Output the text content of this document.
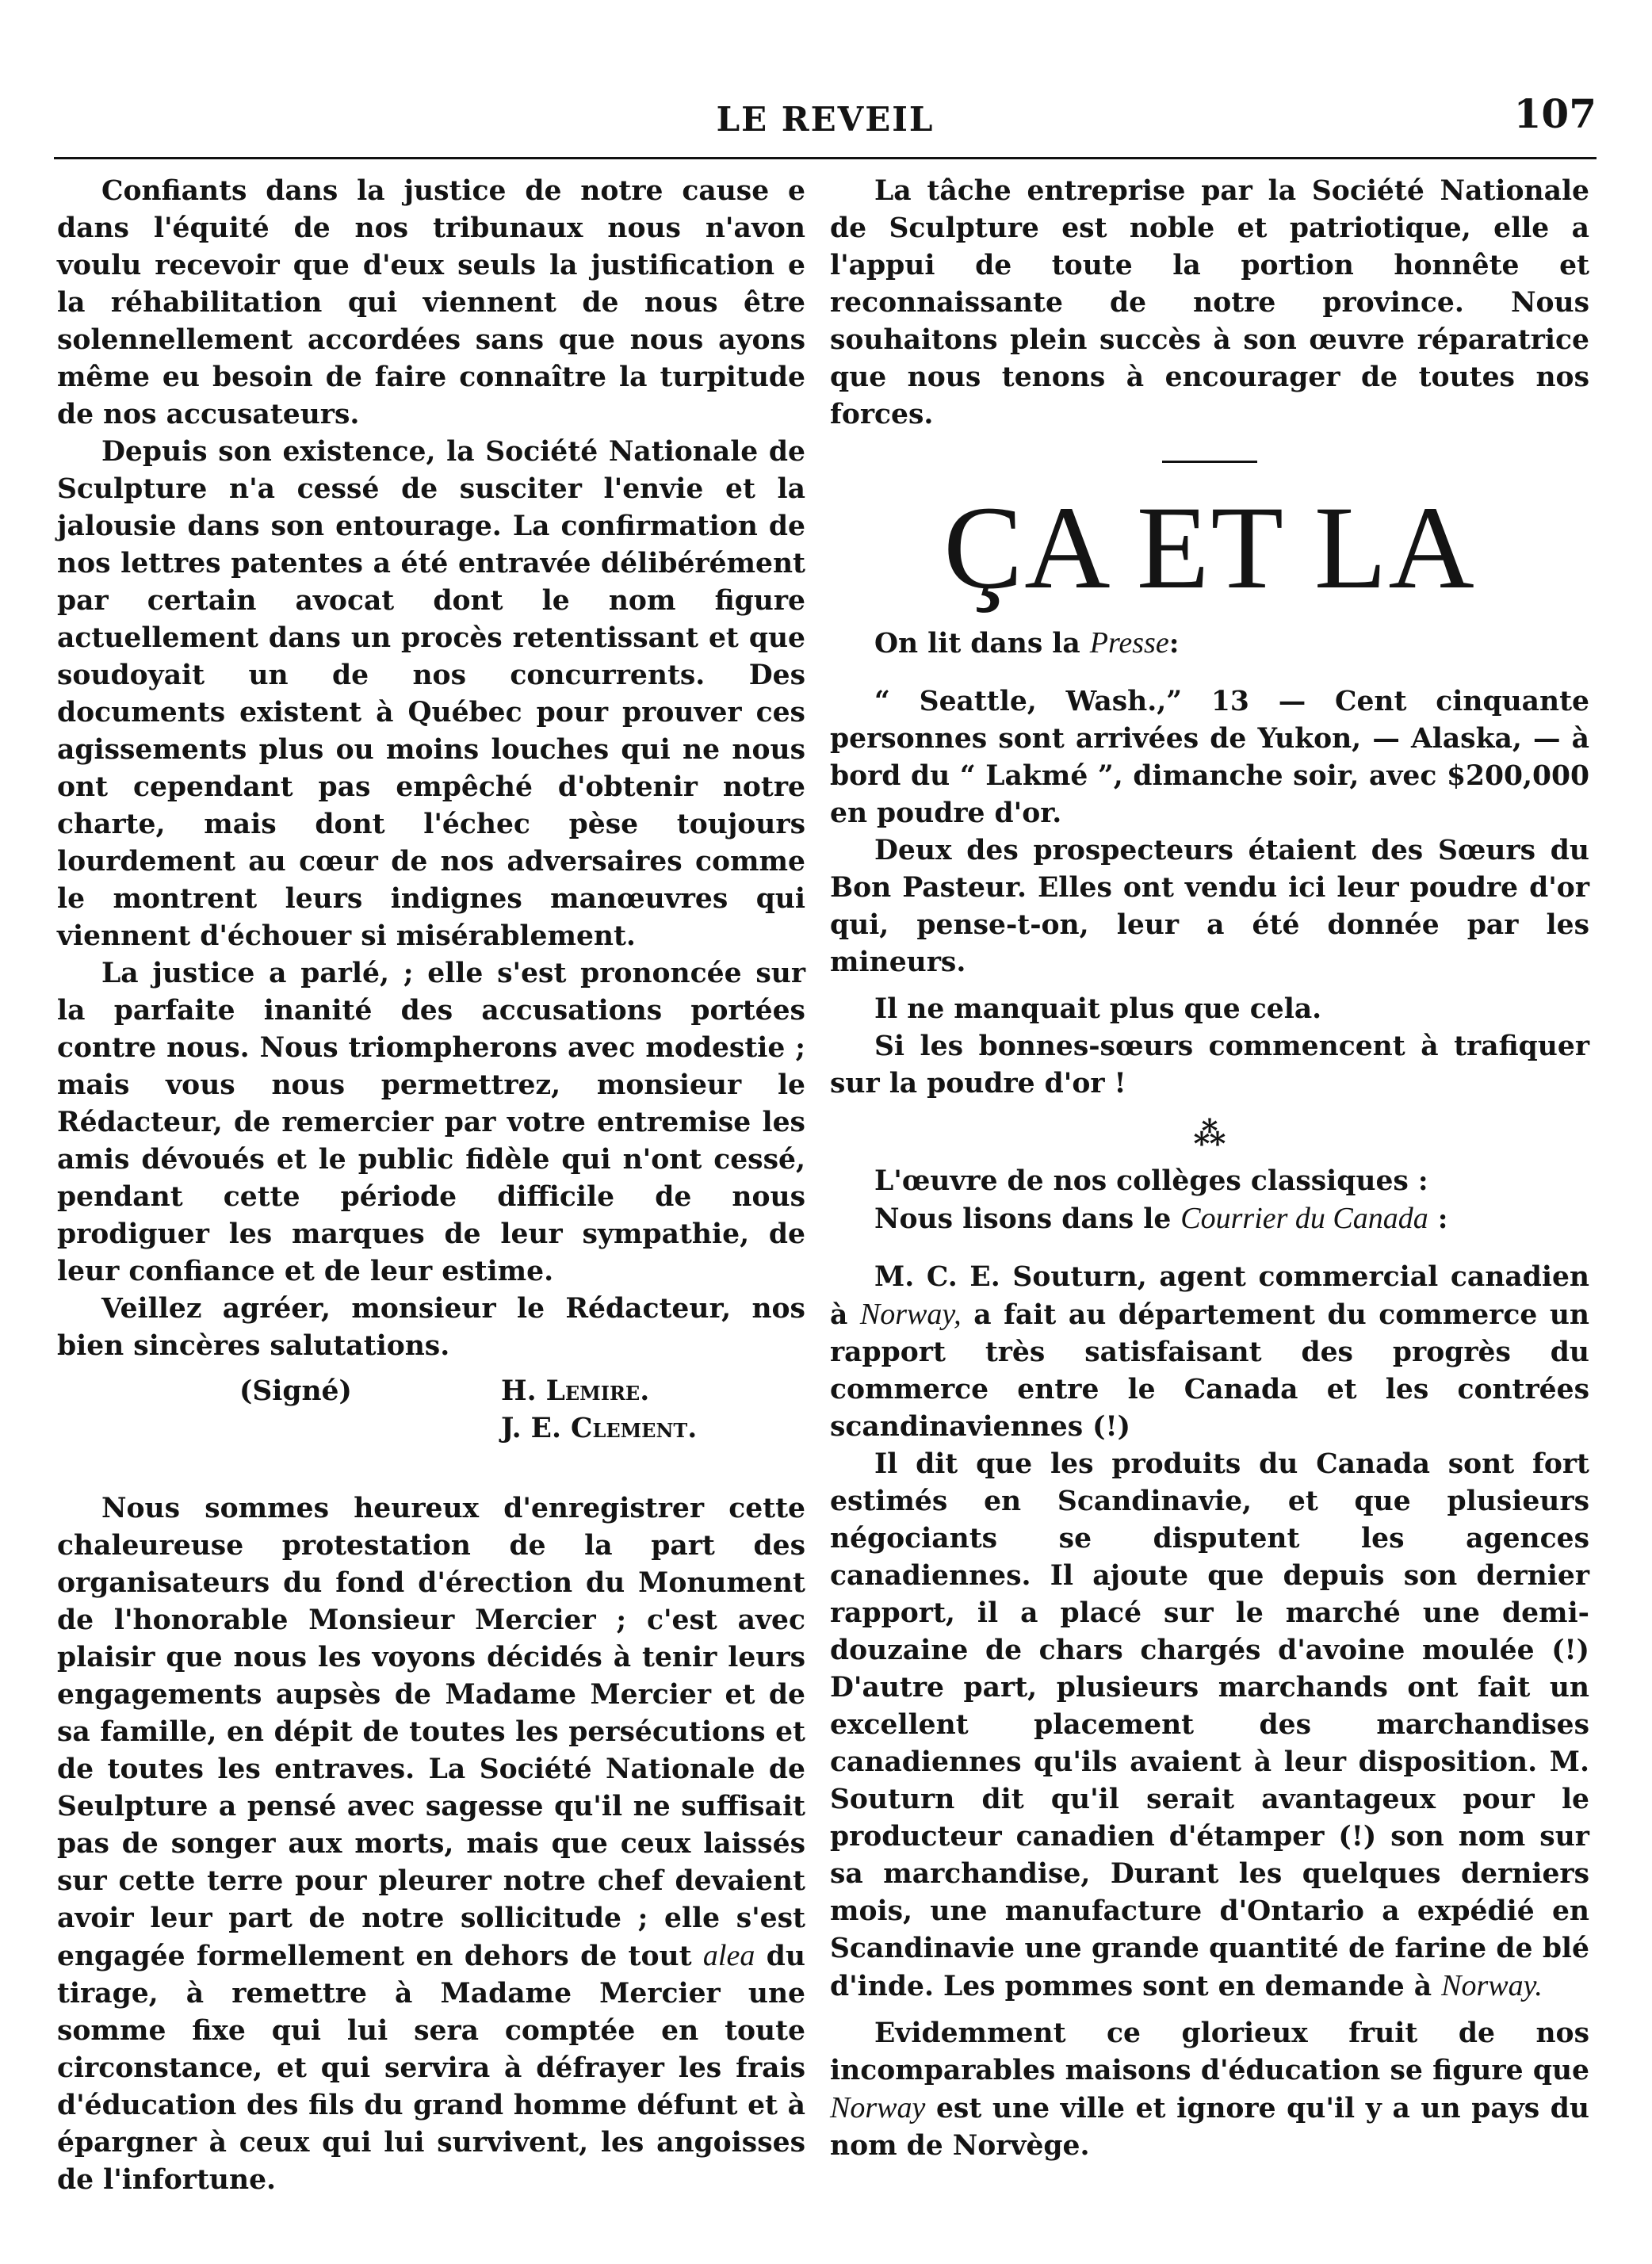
LE REVEIL	107

Confiants dans la justice de notre cause e dans l'équité de nos tribunaux nous n'avon voulu recevoir que d'eux seuls la justification e la réhabilitation qui viennent de nous être solennellement accordées sans que nous ayons même eu besoin de faire connaître la turpitude de nos accusateurs.

Depuis son existence, la Société Nationale de Sculpture n'a cessé de susciter l'envie et la jalousie dans son entourage. La confirmation de nos lettres patentes a été entravée délibérément par certain avocat dont le nom figure actuellement dans un procès retentissant et que soudoyait un de nos concurrents. Des documents existent à Québec pour prouver ces agissements plus ou moins louches qui ne nous ont cependant pas empêché d'obtenir notre charte, mais dont l'échec pèse toujours lourdement au cœur de nos adversaires comme le montrent leurs indignes manœuvres qui viennent d'échouer si misérablement.

La justice a parlé, ; elle s'est prononcée sur la parfaite inanité des accusations portées contre nous. Nous triompherons avec modestie ; mais vous nous permettrez, monsieur le Rédacteur, de remercier par votre entremise les amis dévoués et le public fidèle qui n'ont cessé, pendant cette période difficile de nous prodiguer les marques de leur sympathie, de leur confiance et de leur estime.

Veillez agréer, monsieur le Rédacteur, nos bien sincères salutations.

(Signé)	H. Lemire.
J. E. Clement.

Nous sommes heureux d'enregistrer cette chaleureuse protestation de la part des organisateurs du fond d'érection du Monument de l'honorable Monsieur Mercier ; c'est avec plaisir que nous les voyons décidés à tenir leurs engagements aupsès de Madame Mercier et de sa famille, en dépit de toutes les persécutions et de toutes les entraves. La Société Nationale de Seulpture a pensé avec sagesse qu'il ne suffisait pas de songer aux morts, mais que ceux laissés sur cette terre pour pleurer notre chef devaient avoir leur part de notre sollicitude ; elle s'est engagée formellement en dehors de tout alea du tirage, à remettre à Madame Mercier une somme fixe qui lui sera comptée en toute circonstance, et qui servira à défrayer les frais d'éducation des fils du grand homme défunt et à épargner à ceux qui lui survivent, les angoisses de l'infortune.

La tâche entreprise par la Société Nationale de Sculpture est noble et patriotique, elle a l'appui de toute la portion honnête et reconnaissante de notre province. Nous souhaitons plein succès à son œuvre réparatrice que nous tenons à encourager de toutes nos forces.

ÇA ET LA

On lit dans la Presse:

“ Seattle, Wash.,” 13 — Cent cinquante personnes sont arrivées de Yukon, — Alaska, — à bord du “ Lakmé ”, dimanche soir, avec $200,000 en poudre d'or.

Deux des prospecteurs étaient des Sœurs du Bon Pasteur. Elles ont vendu ici leur poudre d'or qui, pense-t-on, leur a été donnée par les mineurs.

Il ne manquait plus que cela.

Si les bonnes-sœurs commencent à trafiquer sur la poudre d'or !

⁂

L'œuvre de nos collèges classiques :

Nous lisons dans le Courrier du Canada :

M. C. E. Souturn, agent commercial canadien à Norway, a fait au département du commerce un rapport très satisfaisant des progrès du commerce entre le Canada et les contrées scandinaviennes (!)

Il dit que les produits du Canada sont fort estimés en Scandinavie, et que plusieurs négociants se disputent les agences canadiennes. Il ajoute que depuis son dernier rapport, il a placé sur le marché une demi-douzaine de chars chargés d'avoine moulée (!) D'autre part, plusieurs marchands ont fait un excellent placement des marchandises canadiennes qu'ils avaient à leur disposition. M. Souturn dit qu'il serait avantageux pour le producteur canadien d'étamper (!) son nom sur sa marchandise, Durant les quelques derniers mois, une manufacture d'Ontario a expédié en Scandinavie une grande quantité de farine de blé d'inde. Les pommes sont en demande à Norway.

Evidemment ce glorieux fruit de nos incomparables maisons d'éducation se figure que Norway est une ville et ignore qu'il y a un pays du nom de Norvège.
